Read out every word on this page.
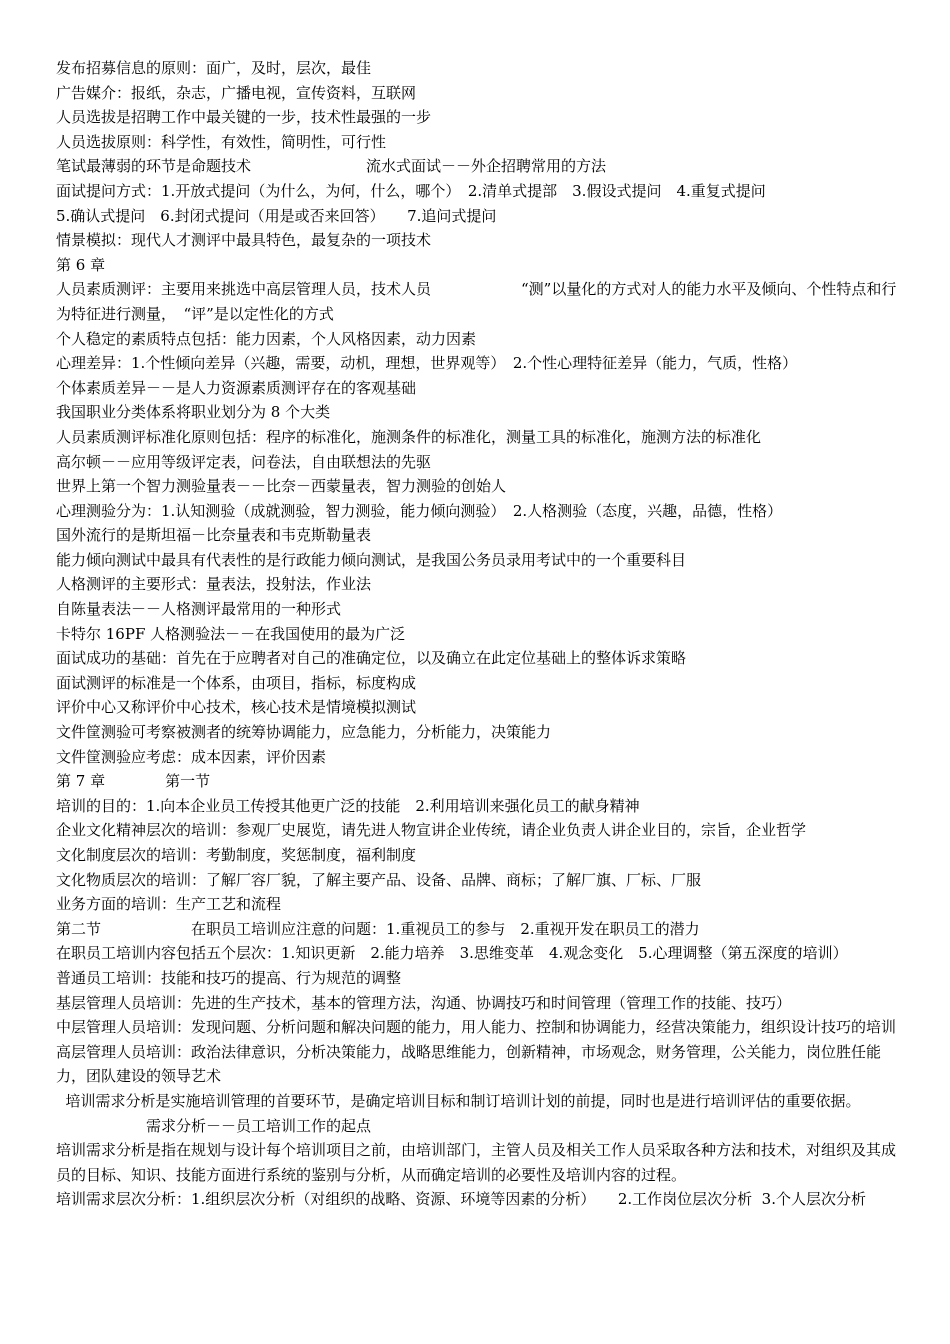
发布招募信息的原则：面广，及时，层次，最佳
广告媒介：报纸，杂志，广播电视，宣传资料，互联网
人员选拔是招聘工作中最关键的一步，技术性最强的一步
人员选拔原则：科学性，有效性，简明性，可行性
笔试最薄弱的环节是命题技术	流水式面试－－外企招聘常用的方法
面试提问方式：1.开放式提问（为什么，为何，什么，哪个）　2.清单式提部　3.假设式提问　4.重复式提问
5.确认式提问　6.封闭式提问（用是或否来回答）　　7.追问式提问
情景模拟：现代人才测评中最具特色，最复杂的一项技术
第 6 章
人员素质测评：主要用来挑选中高层管理人员，技术人员	“测”以量化的方式对人的能力水平及倾向、个性特点和行为特征进行测量，　“评”是以定性化的方式
个人稳定的素质特点包括：能力因素，个人风格因素，动力因素
心理差异：1.个性倾向差异（兴趣，需要，动机，理想，世界观等）　2.个性心理特征差异（能力，气质，性格）
个体素质差异－－是人力资源素质测评存在的客观基础
我国职业分类体系将职业划分为 8 个大类
人员素质测评标准化原则包括：程序的标准化，施测条件的标准化，测量工具的标准化，施测方法的标准化
高尔顿－－应用等级评定表，问卷法，自由联想法的先驱
世界上第一个智力测验量表－－比奈－西蒙量表，智力测验的创始人
心理测验分为：1.认知测验（成就测验，智力测验，能力倾向测验）　2.人格测验（态度，兴趣，品德，性格）
国外流行的是斯坦福－比奈量表和韦克斯勒量表
能力倾向测试中最具有代表性的是行政能力倾向测试，是我国公务员录用考试中的一个重要科目
人格测评的主要形式：量表法，投射法，作业法
自陈量表法－－人格测评最常用的一种形式
卡特尔 16PF 人格测验法－－在我国使用的最为广泛
面试成功的基础：首先在于应聘者对自己的准确定位，以及确立在此定位基础上的整体诉求策略
面试测评的标准是一个体系，由项目，指标，标度构成
评价中心又称评价中心技术，核心技术是情境模拟测试
文件筐测验可考察被测者的统筹协调能力，应急能力，分析能力，决策能力
文件筐测验应考虑：成本因素，评价因素
第 7 章	第一节
培训的目的：1.向本企业员工传授其他更广泛的技能　2.利用培训来强化员工的献身精神
企业文化精神层次的培训：参观厂史展览，请先进人物宣讲企业传统，请企业负责人讲企业目的，宗旨，企业哲学
文化制度层次的培训：考勤制度，奖惩制度，福利制度
文化物质层次的培训：了解厂容厂貌，了解主要产品、设备、品牌、商标；了解厂旗、厂标、厂服
业务方面的培训：生产工艺和流程
第二节	在职员工培训应注意的问题：1.重视员工的参与　2.重视开发在职员工的潜力
在职员工培训内容包括五个层次：1.知识更新　2.能力培养　3.思维变革　4.观念变化　5.心理调整（第五深度的培训）
普通员工培训：技能和技巧的提高、行为规范的调整
基层管理人员培训：先进的生产技术，基本的管理方法，沟通、协调技巧和时间管理（管理工作的技能、技巧）
中层管理人员培训：发现问题、分析问题和解决问题的能力，用人能力、控制和协调能力，经营决策能力，组织设计技巧的培训
高层管理人员培训：政治法律意识，分析决策能力，战略思维能力，创新精神，市场观念，财务管理，公关能力，岗位胜任能力，团队建设的领导艺术
培训需求分析是实施培训管理的首要环节，是确定培训目标和制订培训计划的前提，同时也是进行培训评估的重要依据。需求分析－－员工培训工作的起点
培训需求分析是指在规划与设计每个培训项目之前，由培训部门，主管人员及相关工作人员采取各种方法和技术，对组织及其成员的目标、知识、技能方面进行系统的鉴别与分析，从而确定培训的必要性及培训内容的过程。
培训需求层次分析：1.组织层次分析（对组织的战略、资源、环境等因素的分析）　　2.工作岗位层次分析  3.个人层次分析
